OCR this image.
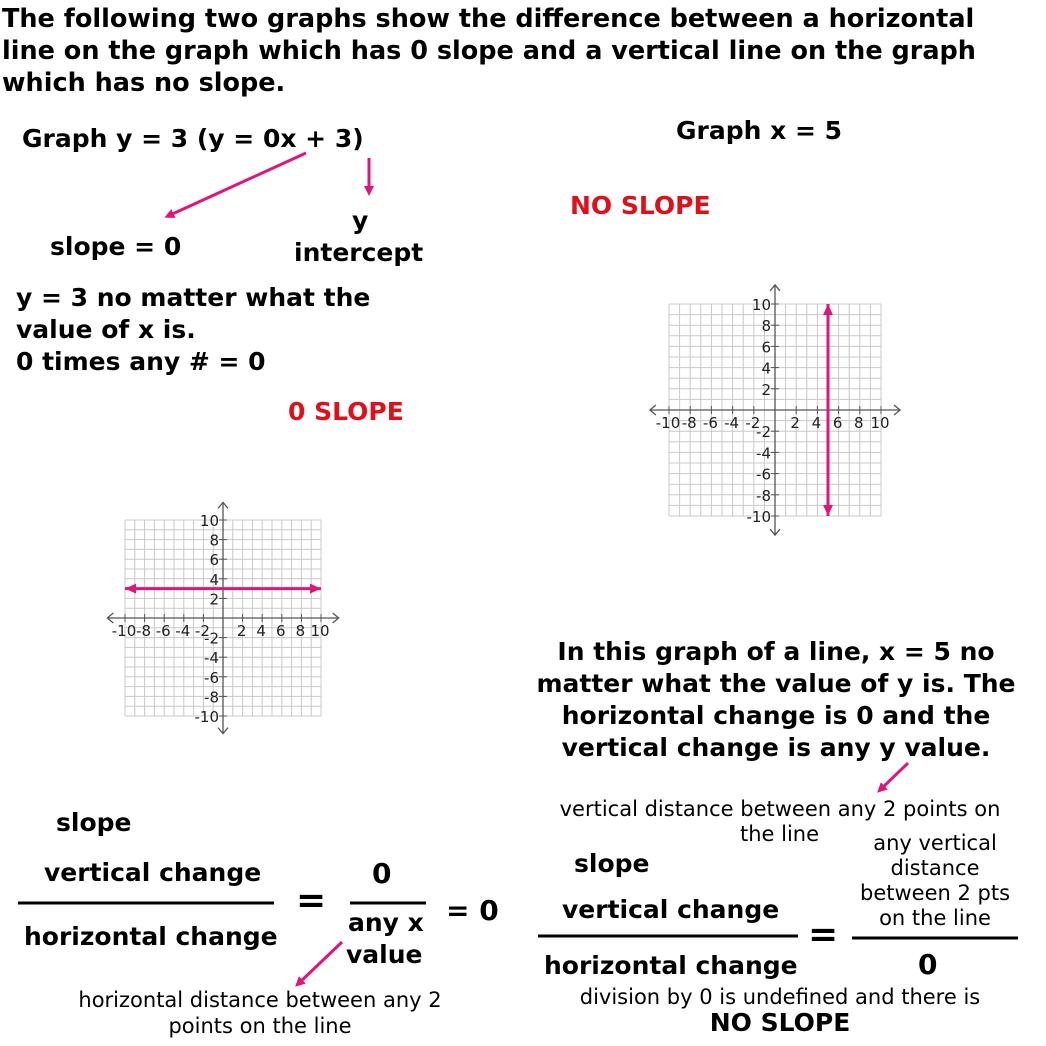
The following two graphs show the difference between a horizontal
line on the graph which has 0 slope and a vertical line on the graph
which has no slope.
Graph y = 3 (y = 0x + 3)
slope = 0
y
intercept
y = 3 no matter what the
value of x is.
0 times any # = 0
0 SLOPE
Graph x = 5
NO SLOPE
-10 -8 -6 -4 -2 2 4 6 8 10
-10
-8
-6
-4
-2
2
4
6
8
10
-10 -8 -6 -4 -2 2 4 6 8 10
-10
-8
-6
-4
-2
2
4
6
8
10
In this graph of a line, x = 5 no
matter what the value of y is. The
horizontal change is 0 and the
vertical change is any y value.
vertical distance between any 2 points on
the line
slope
vertical change
horizontal change
=
0
any x
value
= 0
horizontal distance between any 2
points on the line
slope
vertical change
horizontal change
=
any vertical
distance
between 2 pts
on the line
0
division by 0 is undefined and there is
NO SLOPE
